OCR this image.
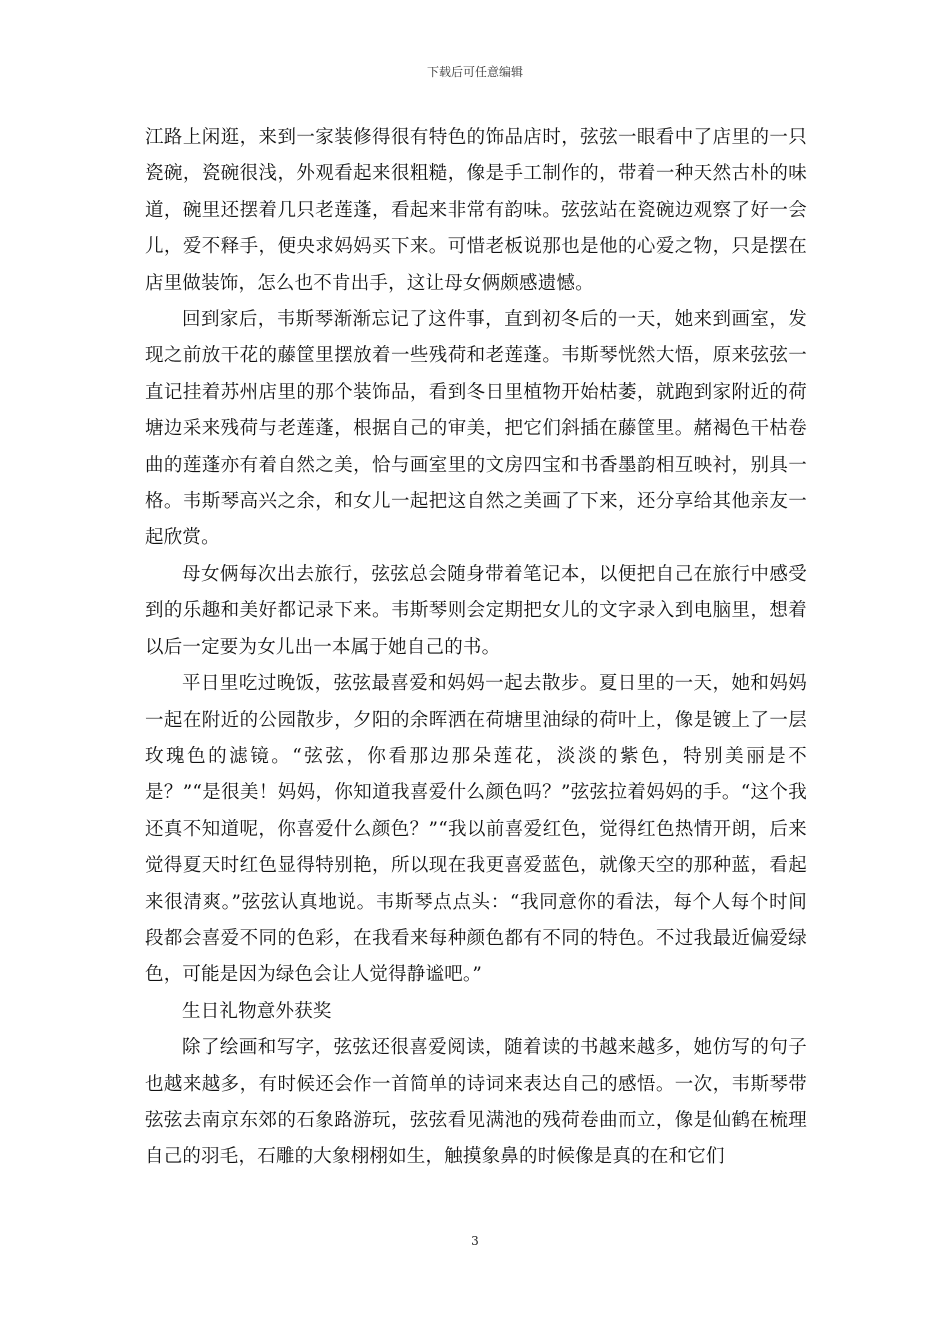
下载后可任意编辑

江路上闲逛，来到一家装修得很有特色的饰品店时，弦弦一眼看中了店里的一只瓷碗，瓷碗很浅，外观看起来很粗糙，像是手工制作的，带着一种天然古朴的味道，碗里还摆着几只老莲蓬，看起来非常有韵味。弦弦站在瓷碗边观察了好一会儿，爱不释手，便央求妈妈买下来。可惜老板说那也是他的心爱之物，只是摆在店里做装饰，怎么也不肯出手，这让母女俩颇感遗憾。

回到家后，韦斯琴渐渐忘记了这件事，直到初冬后的一天，她来到画室，发现之前放干花的藤筐里摆放着一些残荷和老莲蓬。韦斯琴恍然大悟，原来弦弦一直记挂着苏州店里的那个装饰品，看到冬日里植物开始枯萎，就跑到家附近的荷塘边采来残荷与老莲蓬，根据自己的审美，把它们斜插在藤筐里。赭褐色干枯卷曲的莲蓬亦有着自然之美，恰与画室里的文房四宝和书香墨韵相互映衬，别具一格。韦斯琴高兴之余，和女儿一起把这自然之美画了下来，还分享给其他亲友一起欣赏。

母女俩每次出去旅行，弦弦总会随身带着笔记本，以便把自己在旅行中感受到的乐趣和美好都记录下来。韦斯琴则会定期把女儿的文字录入到电脑里，想着以后一定要为女儿出一本属于她自己的书。

平日里吃过晚饭，弦弦最喜爱和妈妈一起去散步。夏日里的一天，她和妈妈一起在附近的公园散步，夕阳的余晖洒在荷塘里油绿的荷叶上，像是镀上了一层玫瑰色的滤镜。“弦弦，你看那边那朵莲花，淡淡的紫色，特别美丽是不是？”“是很美！妈妈，你知道我喜爱什么颜色吗？”弦弦拉着妈妈的手。“这个我还真不知道呢，你喜爱什么颜色？”“我以前喜爱红色，觉得红色热情开朗，后来觉得夏天时红色显得特别艳，所以现在我更喜爱蓝色，就像天空的那种蓝，看起来很清爽。”弦弦认真地说。韦斯琴点点头：“我同意你的看法，每个人每个时间段都会喜爱不同的色彩，在我看来每种颜色都有不同的特色。不过我最近偏爱绿色，可能是因为绿色会让人觉得静谧吧。”

生日礼物意外获奖

除了绘画和写字，弦弦还很喜爱阅读，随着读的书越来越多，她仿写的句子也越来越多，有时候还会作一首简单的诗词来表达自己的感悟。一次，韦斯琴带弦弦去南京东郊的石象路游玩，弦弦看见满池的残荷卷曲而立，像是仙鹤在梳理自己的羽毛，石雕的大象栩栩如生，触摸象鼻的时候像是真的在和它们

3
